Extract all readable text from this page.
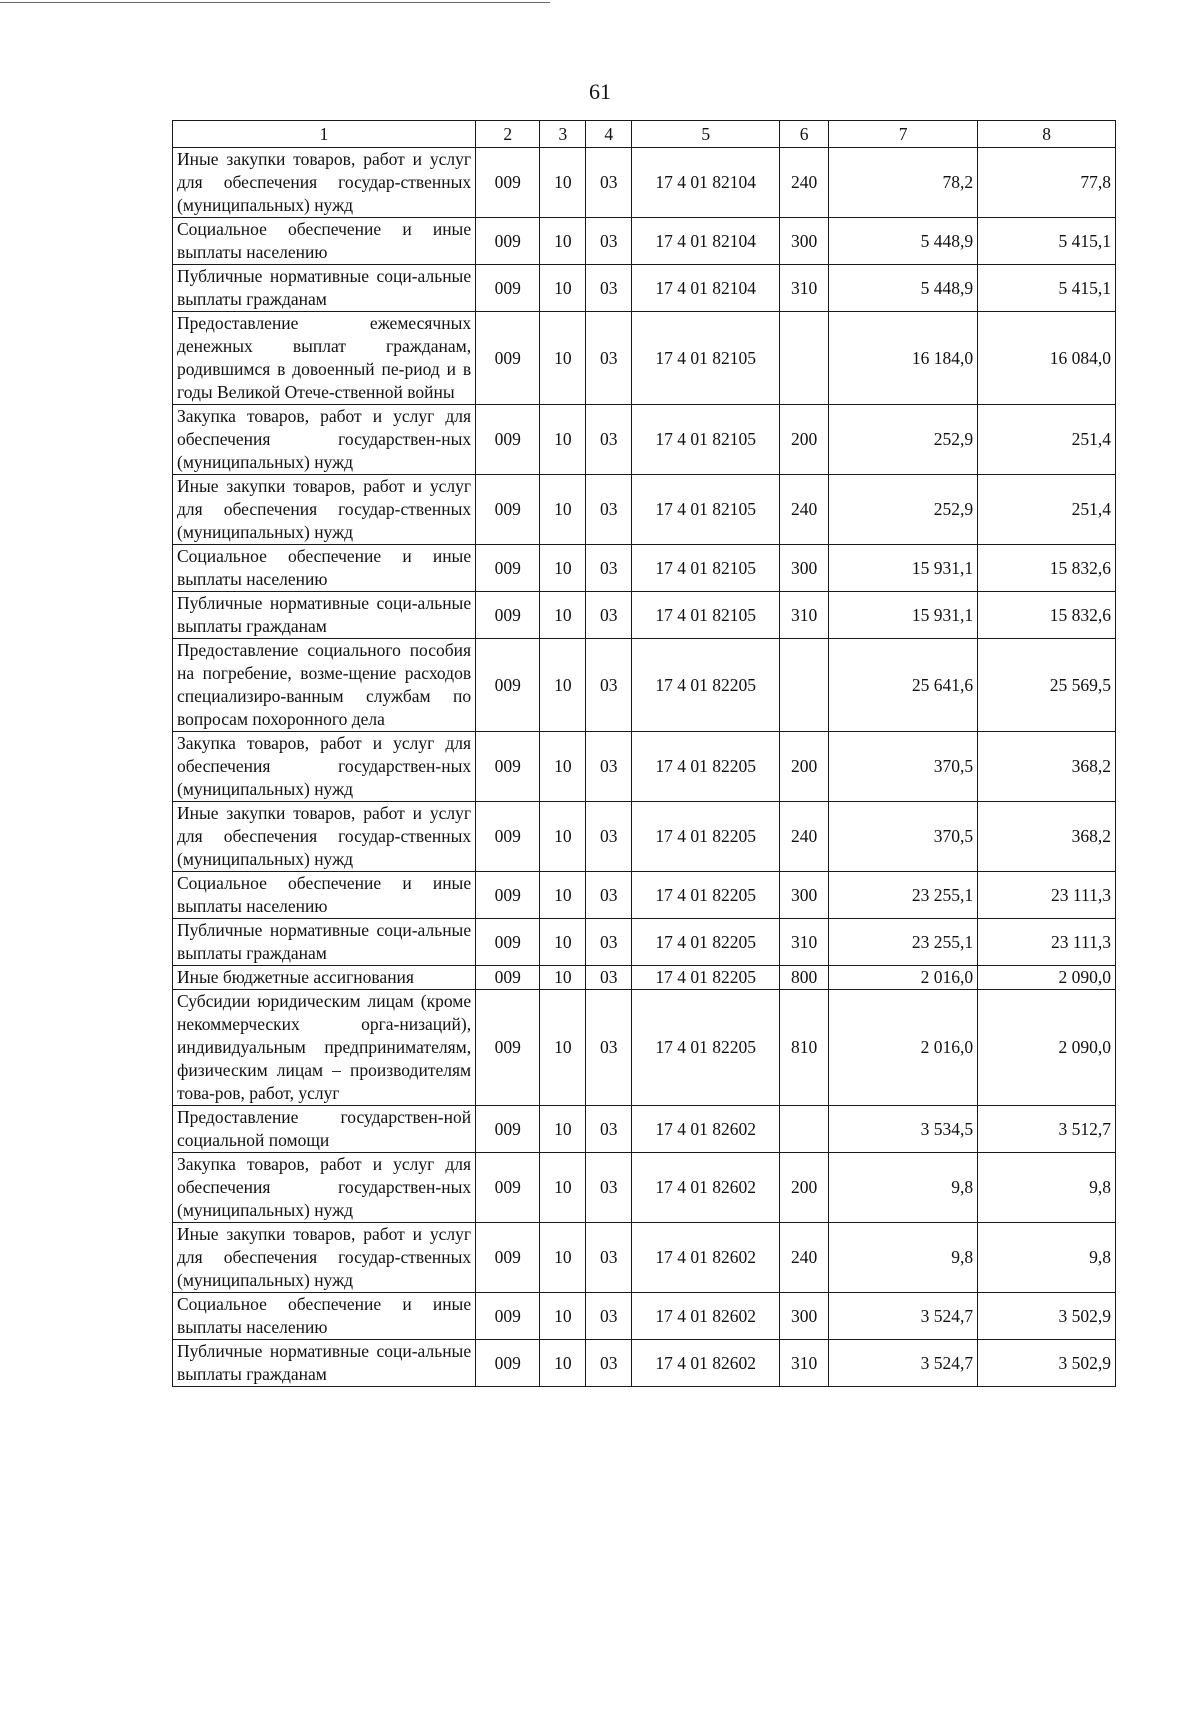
61
1	2	3	4	5	6	7	8
Иные закупки товаров, работ и услуг для обеспечения государ-ственных (муниципальных) нужд	009	10	03	17 4 01 82104	240	78,2	77,8
Социальное обеспечение и иные выплаты населению	009	10	03	17 4 01 82104	300	5 448,9	5 415,1
Публичные нормативные соци-альные выплаты гражданам	009	10	03	17 4 01 82104	310	5 448,9	5 415,1
Предоставление ежемесячных денежных выплат гражданам, родившимся в довоенный пе-риод и в годы Великой Отече-ственной войны	009	10	03	17 4 01 82105		16 184,0	16 084,0
Закупка товаров, работ и услуг для обеспечения государствен-ных (муниципальных) нужд	009	10	03	17 4 01 82105	200	252,9	251,4
Иные закупки товаров, работ и услуг для обеспечения государ-ственных (муниципальных) нужд	009	10	03	17 4 01 82105	240	252,9	251,4
Социальное обеспечение и иные выплаты населению	009	10	03	17 4 01 82105	300	15 931,1	15 832,6
Публичные нормативные соци-альные выплаты гражданам	009	10	03	17 4 01 82105	310	15 931,1	15 832,6
Предоставление социального пособия на погребение, возме-щение расходов специализиро-ванным службам по вопросам похоронного дела	009	10	03	17 4 01 82205		25 641,6	25 569,5
Закупка товаров, работ и услуг для обеспечения государствен-ных (муниципальных) нужд	009	10	03	17 4 01 82205	200	370,5	368,2
Иные закупки товаров, работ и услуг для обеспечения государ-ственных (муниципальных) нужд	009	10	03	17 4 01 82205	240	370,5	368,2
Социальное обеспечение и иные выплаты населению	009	10	03	17 4 01 82205	300	23 255,1	23 111,3
Публичные нормативные соци-альные выплаты гражданам	009	10	03	17 4 01 82205	310	23 255,1	23 111,3
Иные бюджетные ассигнования	009	10	03	17 4 01 82205	800	2 016,0	2 090,0
Субсидии юридическим лицам (кроме некоммерческих орга-низаций), индивидуальным предпринимателям, физическим лицам – производителям това-ров, работ, услуг	009	10	03	17 4 01 82205	810	2 016,0	2 090,0
Предоставление государствен-ной социальной помощи	009	10	03	17 4 01 82602		3 534,5	3 512,7
Закупка товаров, работ и услуг для обеспечения государствен-ных (муниципальных) нужд	009	10	03	17 4 01 82602	200	9,8	9,8
Иные закупки товаров, работ и услуг для обеспечения государ-ственных (муниципальных) нужд	009	10	03	17 4 01 82602	240	9,8	9,8
Социальное обеспечение и иные выплаты населению	009	10	03	17 4 01 82602	300	3 524,7	3 502,9
Публичные нормативные соци-альные выплаты гражданам	009	10	03	17 4 01 82602	310	3 524,7	3 502,9
